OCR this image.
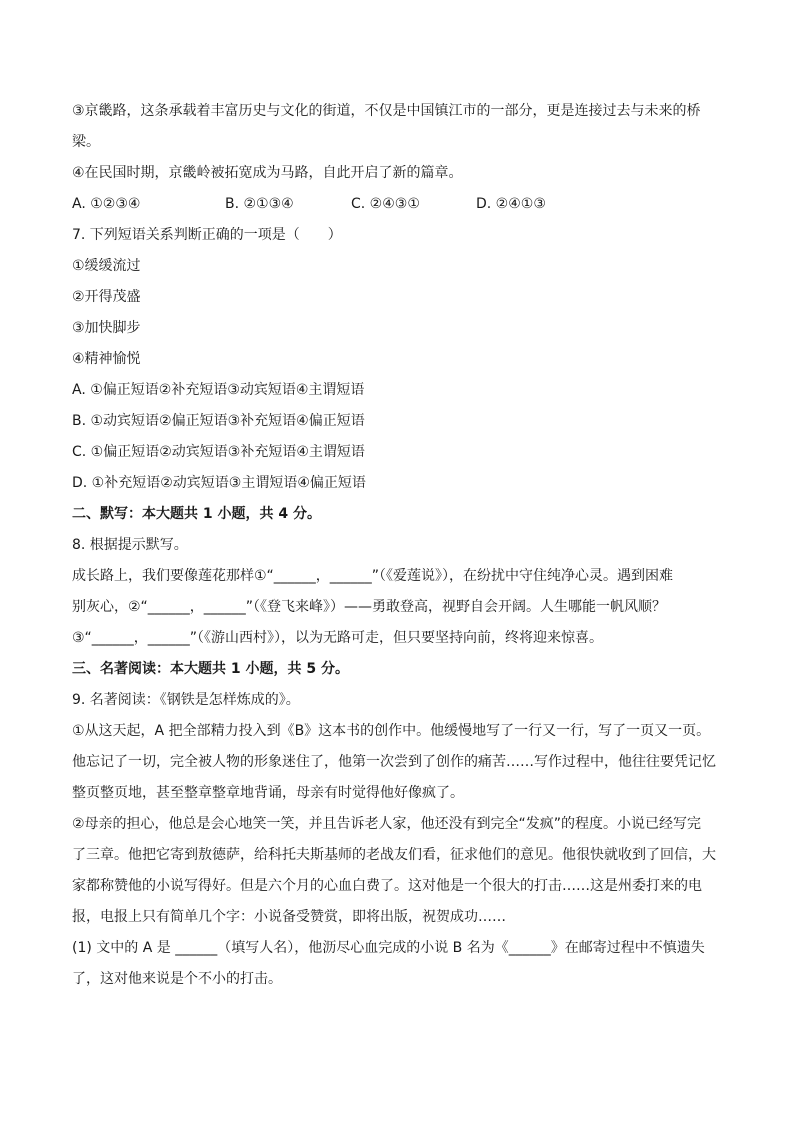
③京畿路，这条承载着丰富历史与文化的街道，不仅是中国镇江市的一部分，更是连接过去与未来的桥
梁。
④在民国时期，京畿岭被拓宽成为马路，自此开启了新的篇章。
A. ①②③④	B. ②①③④	C. ②④③①	D. ②④①③
7. 下列短语关系判断正确的一项是（　　）
①缓缓流过
②开得茂盛
③加快脚步
④精神愉悦
A. ①偏正短语②补充短语③动宾短语④主谓短语
B. ①动宾短语②偏正短语③补充短语④偏正短语
C. ①偏正短语②动宾短语③补充短语④主谓短语
D. ①补充短语②动宾短语③主谓短语④偏正短语
二、默写：本大题共 1 小题，共 4 分。
8. 根据提示默写。
成长路上，我们要像莲花那样①“______，______”（《爱莲说》），在纷扰中守住纯净心灵。遇到困难
别灰心，②“______，______”（《登飞来峰》）——勇敢登高，视野自会开阔。人生哪能一帆风顺？
③“______，______”（《游山西村》），以为无路可走，但只要坚持向前，终将迎来惊喜。
三、名著阅读：本大题共 1 小题，共 5 分。
9. 名著阅读：《钢铁是怎样炼成的》。
①从这天起，A 把全部精力投入到《B》这本书的创作中。他缓慢地写了一行又一行，写了一页又一页。
他忘记了一切，完全被人物的形象迷住了，他第一次尝到了创作的痛苦……写作过程中，他往往要凭记忆
整页整页地，甚至整章整章地背诵，母亲有时觉得他好像疯了。
②母亲的担心，他总是会心地笑一笑，并且告诉老人家，他还没有到完全“发疯”的程度。小说已经写完
了三章。他把它寄到敖德萨，给科托夫斯基师的老战友们看，征求他们的意见。他很快就收到了回信，大
家都称赞他的小说写得好。但是六个月的心血白费了。这对他是一个很大的打击……这是州委打来的电
报，电报上只有简单几个字：小说备受赞赏，即将出版，祝贺成功……
(1) 文中的 A 是 ______（填写人名），他沥尽心血完成的小说 B 名为《______》在邮寄过程中不慎遗失
了，这对他来说是个不小的打击。
